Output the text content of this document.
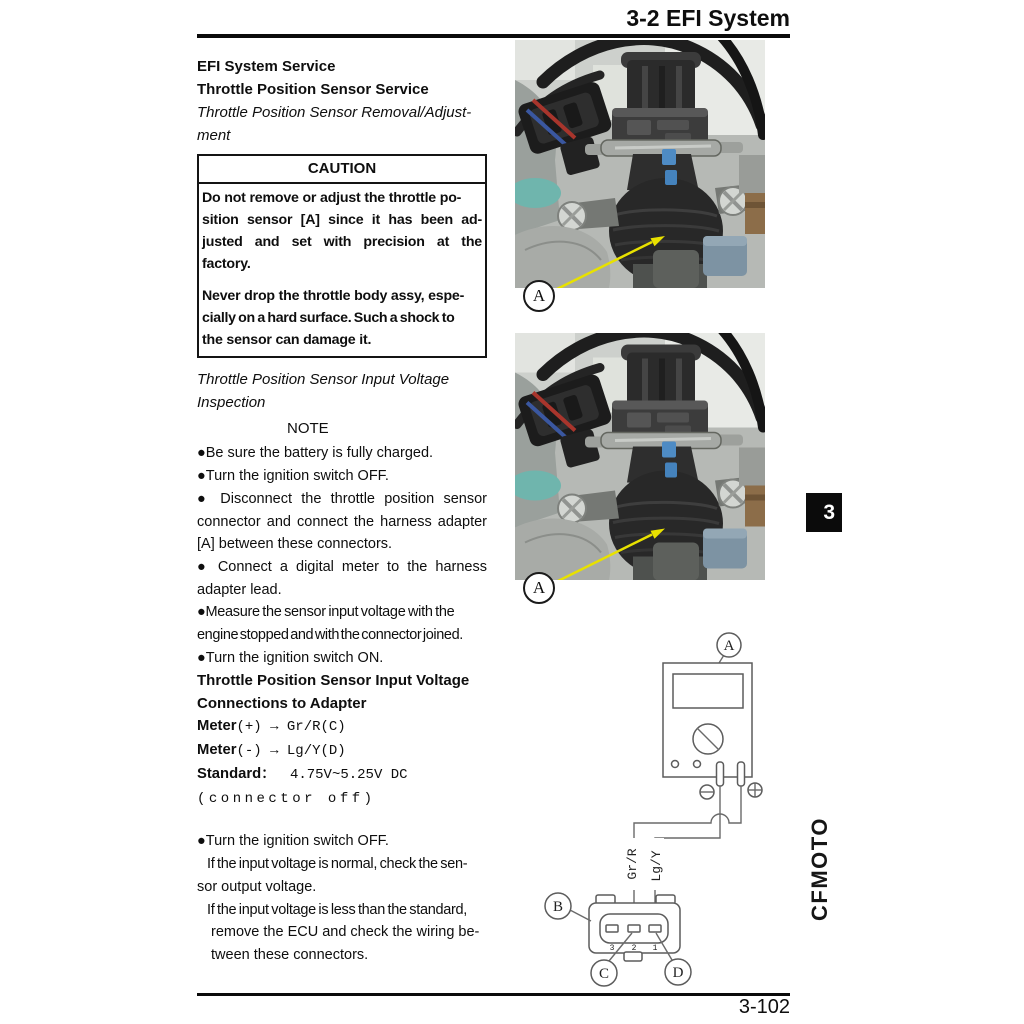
3-2 EFI System
EFI System Service
Throttle Position Sensor Service
Throttle Position Sensor Removal/Adjust-
ment
CAUTION
Do not remove or adjust the throttle po-
sition sensor [A] since it has been ad-
justed and set with precision at the
factory.
Never drop the throttle body assy, espe-
cially on a hard surface. Such a shock to
the sensor can damage it.
Throttle Position Sensor Input Voltage
Inspection
NOTE
●Be sure the battery is fully charged.
●Turn the ignition switch OFF.
● Disconnect the throttle position sensor
connector and connect the harness adapter
[A] between these connectors.
● Connect a digital meter to the harness
adapter lead.
●Measure the sensor input voltage with the
engine stopped and with the connector joined.
●Turn the ignition switch ON.
Throttle Position Sensor Input Voltage
Connections to Adapter
Meter(+) → Gr/R(C)
Meter(-) → Lg/Y(D)
Standard： 4.75V~5.25V DC
(connector off)
●Turn the ignition switch OFF.
If the input voltage is normal, check the sen-
sor output voltage.
If the input voltage is less than the standard,
remove the ECU and check the wiring be-
tween these connectors.
A
A
A
Gr/R Lg/Y
3 2 1
B
C	D
3
CFMOTO
3-102
